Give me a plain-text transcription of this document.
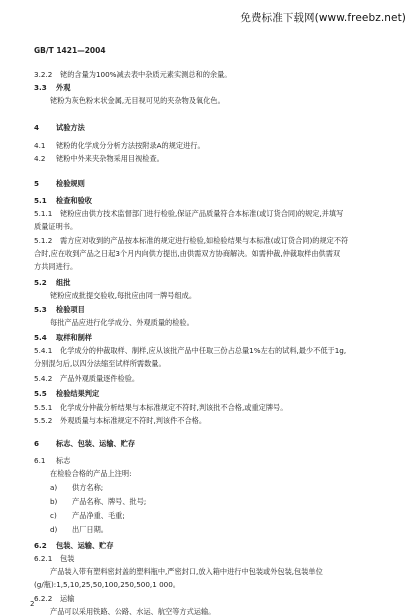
免费标准下载网(www.freebz.net)
GB/T 1421—2004
3.2.2 铑的含量为100%减去表中杂质元素实测总和的余量。
3.3 外观
铑粉为灰色粉末状金属,无目视可见的夹杂物及氧化色。
4 试验方法
4.1 铑粉的化学成分分析方法按附录A的规定进行。
4.2 铑粉中外来夹杂物采用目视检查。
5 检验规则
5.1 检查和验收
5.1.1 铑粉应由供方技术监督部门进行检验,保证产品质量符合本标准(或订货合同)的规定,并填写
质量证明书。
5.1.2 需方应对收到的产品按本标准的规定进行检验,如检验结果与本标准(或订货合同)的规定不符
合时,应在收到产品之日起3个月内向供方提出,由供需双方协商解决。如需仲裁,仲裁取样由供需双
方共同进行。
5.2 组批
铑粉应成批提交验收,每批应由同一牌号组成。
5.3 检验项目
每批产品应进行化学成分、外观质量的检验。
5.4 取样和制样
5.4.1 化学成分的仲裁取样、制样,应从该批产品中任取三份占总量1%左右的试料,最少不低于1g,
分别混匀后,以四分法缩至试样所需数量。
5.4.2 产品外观质量逐件检验。
5.5 检验结果判定
5.5.1 化学成分仲裁分析结果与本标准规定不符时,判该批不合格,或重定牌号。
5.5.2 外观质量与本标准规定不符时,判该件不合格。
6 标志、包装、运输、贮存
6.1 标志
在检验合格的产品上注明:
a) 供方名称;
b) 产品名称、牌号、批号;
c) 产品净重、毛重;
d) 出厂日期。
6.2 包装、运输、贮存
6.2.1 包装
产品装入带有塑料密封盖的塑料瓶中,严密封口,放入箱中进行中包装或外包装,包装单位
(g/瓶):1,5,10,25,50,100,250,500,1 000。
6.2.2 运输
产品可以采用铁路、公路、水运、航空等方式运输。
2
